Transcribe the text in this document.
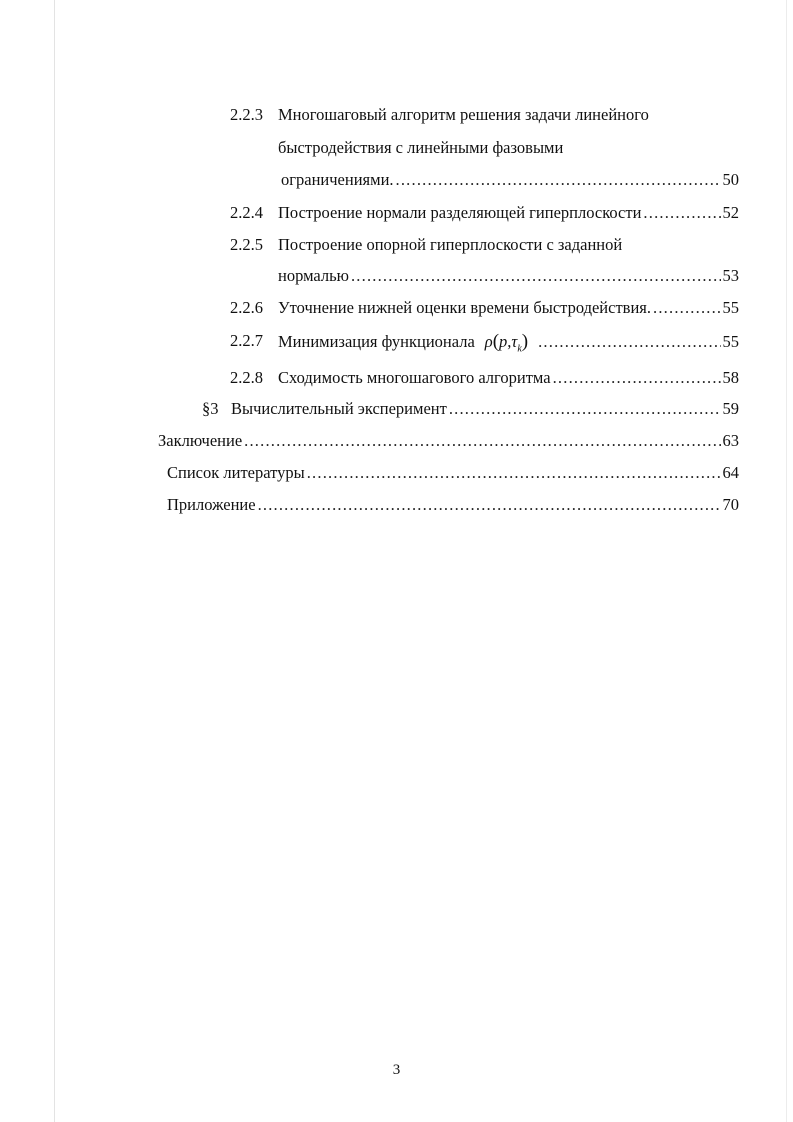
2.2.3 Многошаговый алгоритм решения задачи линейного
быстродействия с линейными фазовыми
ограничениями. .....	50
2.2.4 Построение нормали разделяющей гиперплоскости .....	52
2.2.5 Построение опорной гиперплоскости с заданной
нормалью .....	53
2.2.6 Уточнение нижней оценки времени быстродействия. .....	55
2.2.7 Минимизация функционала $\rho(p,\tau_k)$ .....	55
2.2.8 Сходимость многошагового алгоритма .....	58
§3 Вычислительный эксперимент .....	59
Заключение .....	63
Список литературы .....	64
Приложение .....	70
3
